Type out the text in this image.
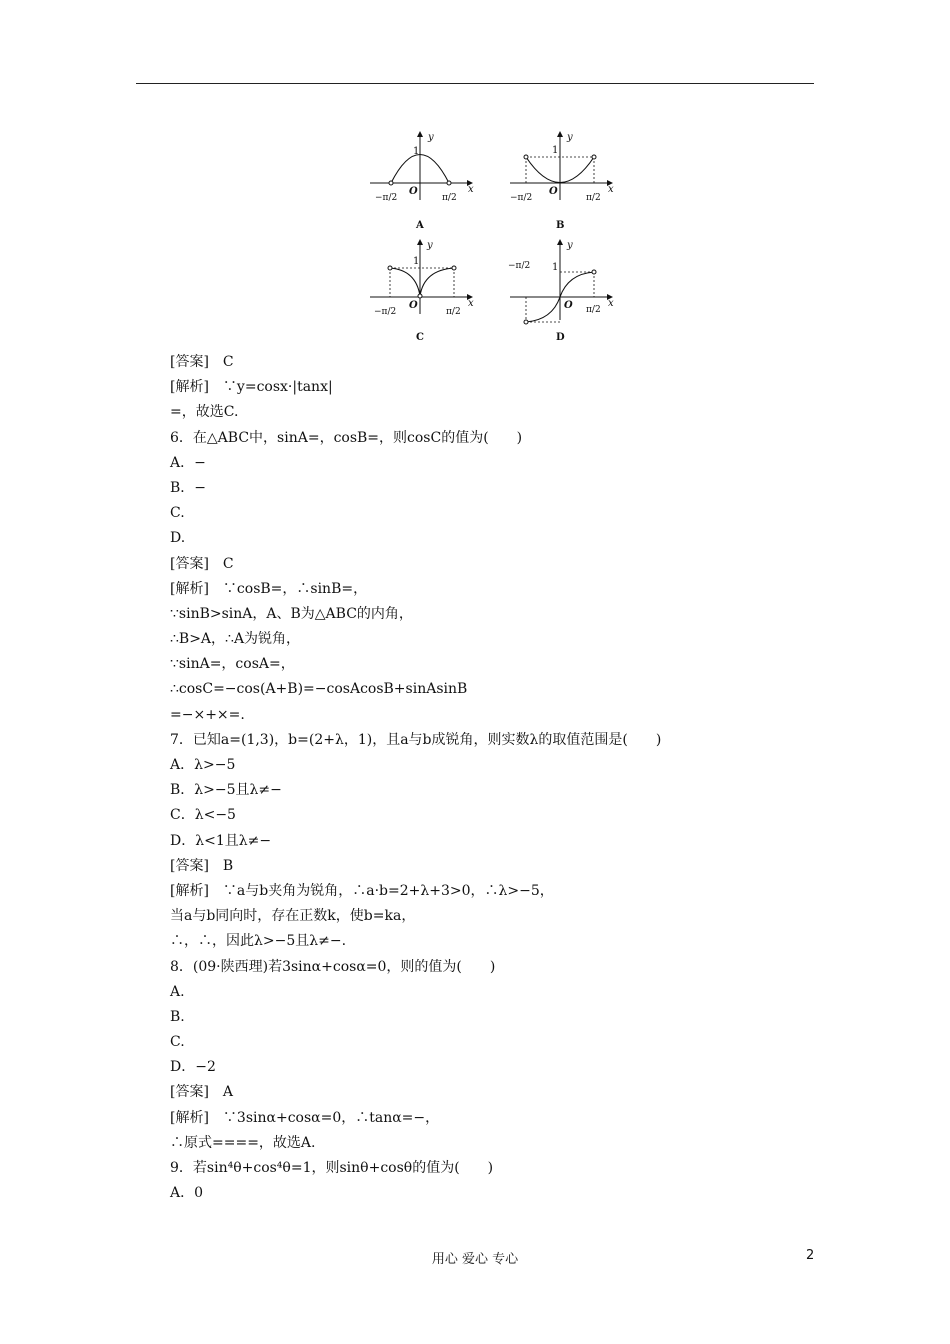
y
x
1
O
−π/2	π/2
A
y
x
1
O
−π/2	π/2
B
y
x
1
O
−π/2	π/2
C
y
x
1
−π/2
O π/2
D
[答案]　C
[解析]　∵y=cosx·|tanx|
=，故选C.
6．在△ABC中，sinA=，cosB=，则cosC的值为(　　)
A．−
B．−
C.
D.
[答案]　C
[解析]　∵cosB=，∴sinB=，
∵sinB>sinA，A、B为△ABC的内角，
∴B>A，∴A为锐角，
∵sinA=，cosA=，
∴cosC=−cos(A+B)=−cosAcosB+sinAsinB
=−×+×=.
7．已知a=(1,3)，b=(2+λ，1)，且a与b成锐角，则实数λ的取值范围是(　　)
A．λ>−5
B．λ>−5且λ≠−
C．λ<−5
D．λ<1且λ≠−
[答案]　B
[解析]　∵a与b夹角为锐角，∴a·b=2+λ+3>0，∴λ>−5，
当a与b同向时，存在正数k，使b=ka，
∴，∴，因此λ>−5且λ≠−.
8．(09·陕西理)若3sinα+cosα=0，则的值为(　　)
A.
B.
C.
D．−2
[答案]　A
[解析]　∵3sinα+cosα=0，∴tanα=−，
∴原式====，故选A.
9．若sin⁴θ+cos⁴θ=1，则sinθ+cosθ的值为(　　)
A．0
用心 爱心 专心	2
